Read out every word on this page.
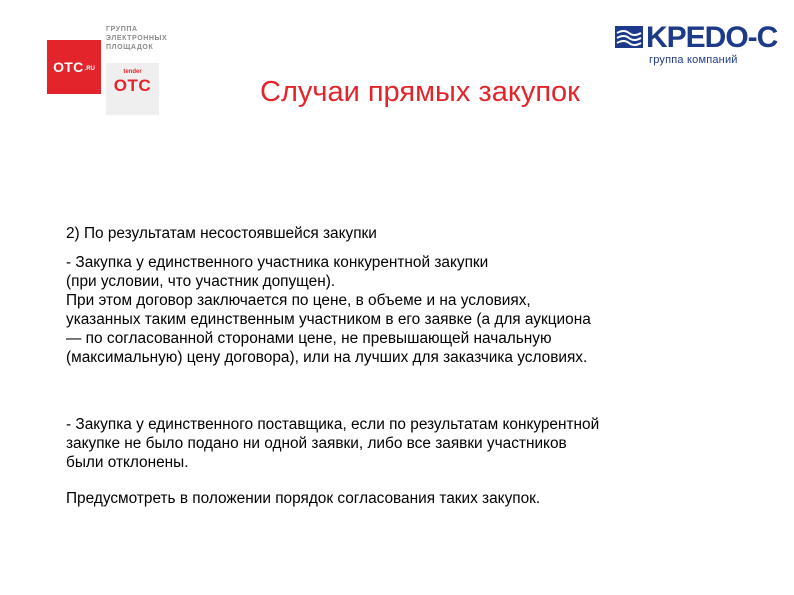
OTC .RU
ГРУППА
ЭЛЕКТРОННЫХ
ПЛОЩАДОК
tender
OTC
KPEDO-C
группа компаний
Случаи прямых закупок
2) По результатам несостоявшейся закупки
- Закупка у единственного участника конкурентной закупки
(при условии, что участник допущен).
При этом договор заключается по цене, в объеме и на условиях,
указанных таким единственным участником в его заявке (а для аукциона
— по согласованной сторонами цене, не превышающей начальную
(максимальную) цену договора), или на лучших для заказчика условиях.
- Закупка у единственного поставщика, если по результатам конкурентной
закупке не было подано ни одной заявки, либо все заявки участников
были отклонены.
Предусмотреть в положении порядок согласования таких закупок.
